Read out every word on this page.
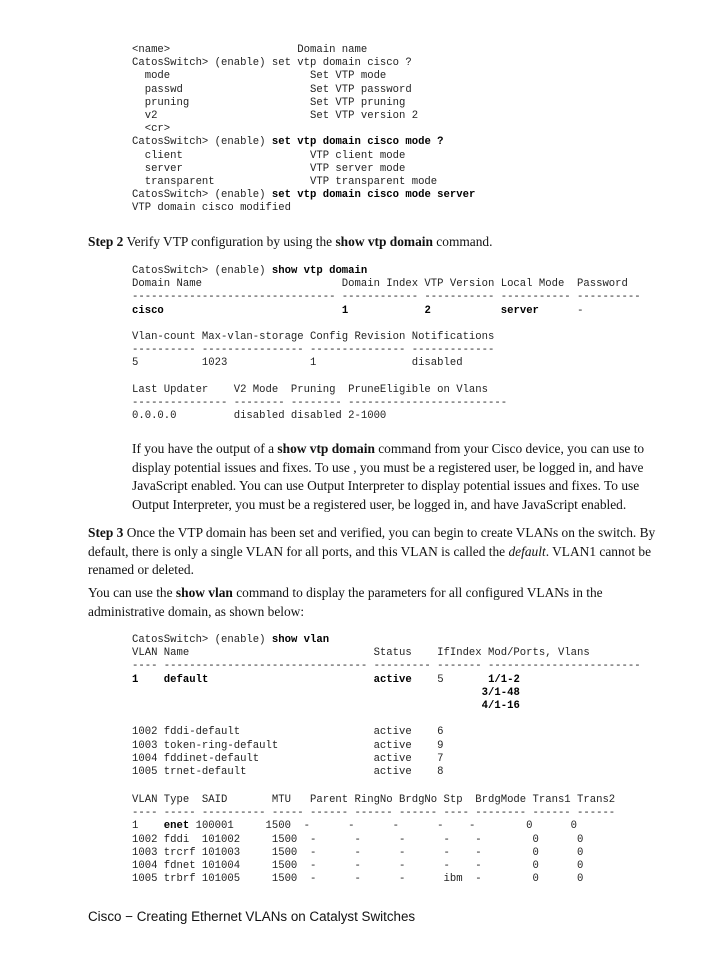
<name>                    Domain name
CatosSwitch> (enable) set vtp domain cisco ?
mode                      Set VTP mode
passwd                    Set VTP password
pruning                   Set VTP pruning
v2                        Set VTP version 2
<cr>
CatosSwitch> (enable) set vtp domain cisco mode ?
client                    VTP client mode
server                    VTP server mode
transparent               VTP transparent mode
CatosSwitch> (enable) set vtp domain cisco mode server
VTP domain cisco modified

Step 2 Verify VTP configuration by using the show vtp domain command.

CatosSwitch> (enable) show vtp domain
Domain Name                      Domain Index VTP Version Local Mode  Password
-------------------------------- ------------ ----------- ----------- ----------
cisco	1	2	server	-

Vlan-count Max-vlan-storage Config Revision Notifications
---------- ---------------- --------------- -------------
5          1023             1               disabled

Last Updater    V2 Mode  Pruning  PruneEligible on Vlans
--------------- -------- -------- -------------------------
0.0.0.0         disabled disabled 2-1000

If you have the output of a show vtp domain command from your Cisco device, you can use to display potential issues and fixes. To use , you must be a registered user, be logged in, and have JavaScript enabled. You can use Output Interpreter to display potential issues and fixes. To use Output Interpreter, you must be a registered user, be logged in, and have JavaScript enabled.

Step 3 Once the VTP domain has been set and verified, you can begin to create VLANs on the switch. By default, there is only a single VLAN for all ports, and this VLAN is called the default. VLAN1 cannot be renamed or deleted.

You can use the show vlan command to display the parameters for all configured VLANs in the administrative domain, as shown below:

CatosSwitch> (enable) show vlan
VLAN Name                             Status    IfIndex Mod/Ports, Vlans
---- -------------------------------- --------- ------- ------------------------
1 default	active 5	1/1-2
3/1-48
4/1-16

1002 fddi-default                     active    6
1003 token-ring-default               active    9
1004 fddinet-default                  active    7
1005 trnet-default                    active    8
VLAN Type  SAID       MTU   Parent RingNo BrdgNo Stp  BrdgMode Trans1 Trans2
---- ----- ---------- ----- ------ ------ ------ ---- -------- ------ ------
1    enet 100001     1500  -      -      -      -    -        0      0
1002 fddi  101002     1500  -      -      -      -    -        0      0
1003 trcrf 101003     1500  -      -      -      -    -        0      0
1004 fdnet 101004     1500  -      -      -      -    -        0      0
1005 trbrf 101005     1500  -      -      -      ibm  -        0      0
Cisco − Creating Ethernet VLANs on Catalyst Switches
